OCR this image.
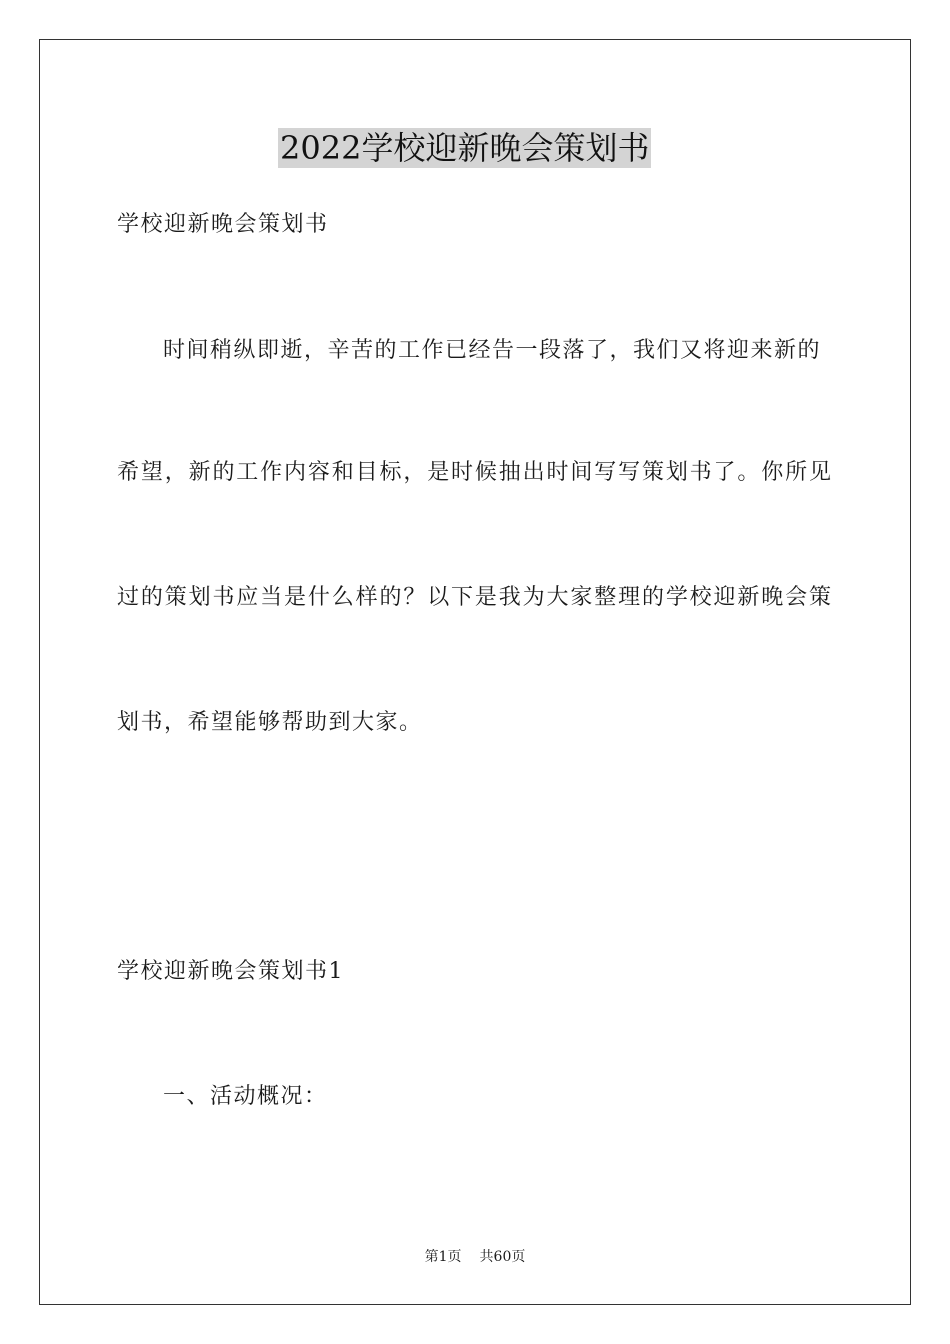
2022学校迎新晚会策划书
学校迎新晚会策划书
时间稍纵即逝，辛苦的工作已经告一段落了，我们又将迎来新的
希望，新的工作内容和目标，是时候抽出时间写写策划书了。你所见
过的策划书应当是什么样的？以下是我为大家整理的学校迎新晚会策
划书，希望能够帮助到大家。
学校迎新晚会策划书1
一、活动概况：
第1页 共60页
